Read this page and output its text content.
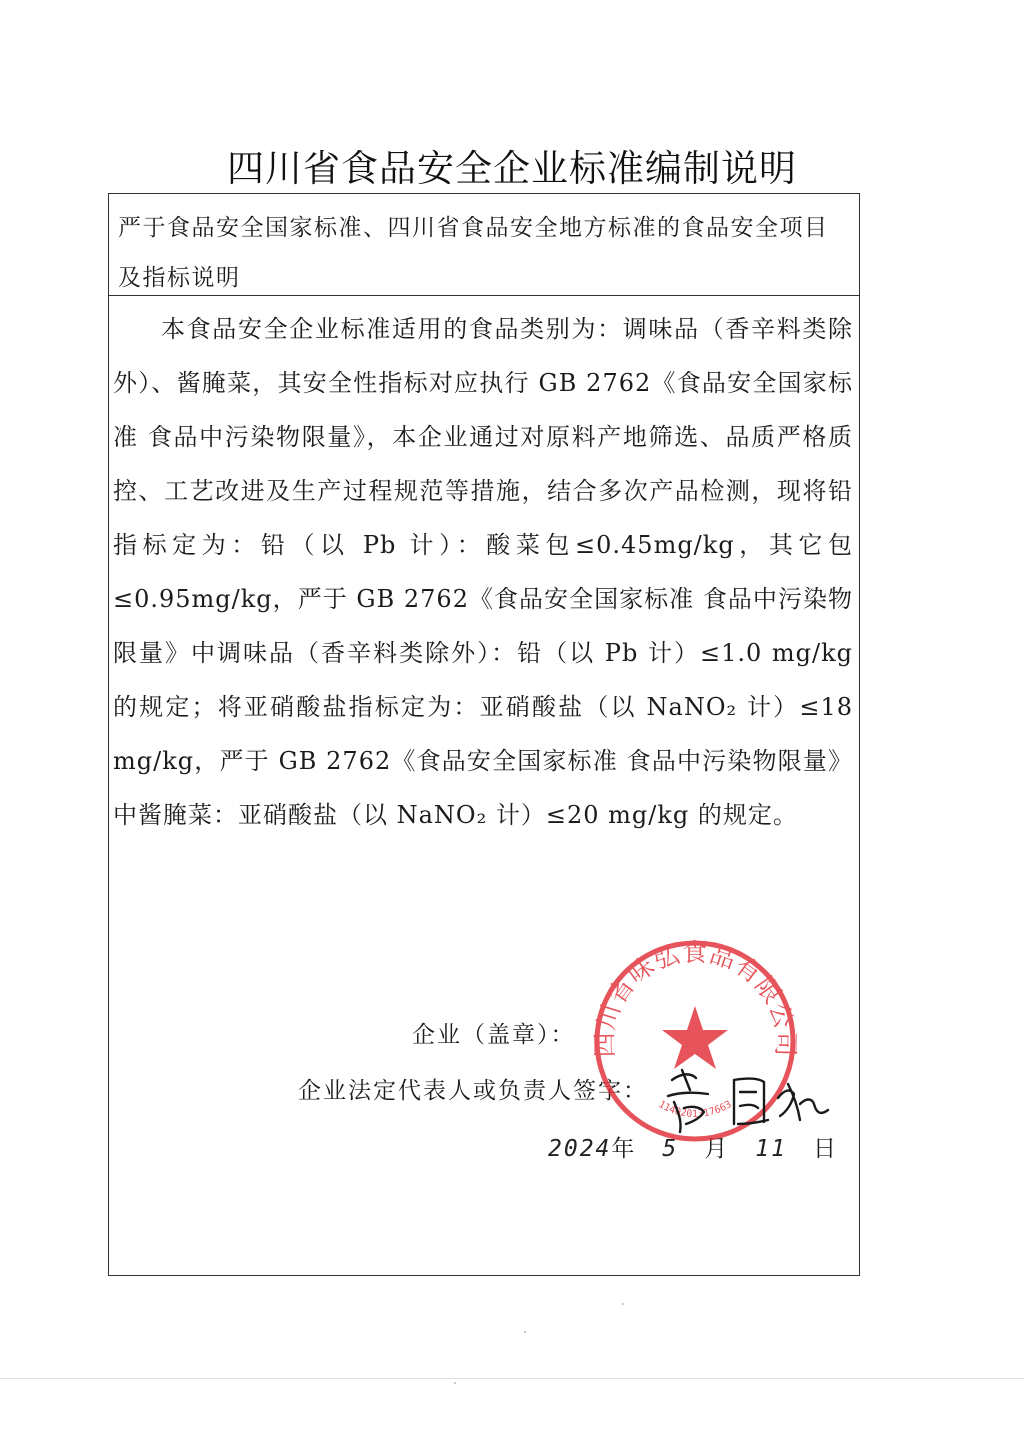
四川省食品安全企业标准编制说明
严于食品安全国家标准、四川省食品安全地方标准的食品安全项目及指标说明

本食品安全企业标准适用的食品类别为：调味品（香辛料类除外）、酱腌菜，其安全性指标对应执行 GB 2762《食品安全国家标准 食品中污染物限量》，本企业通过对原料产地筛选、品质严格质控、工艺改进及生产过程规范等措施，结合多次产品检测，现将铅指标定为：铅（以 Pb 计）：酸菜包≤0.45mg/kg，其它包≤0.95mg/kg，严于 GB 2762《食品安全国家标准 食品中污染物限量》中调味品（香辛料类除外）：铅（以 Pb 计）≤1.0 mg/kg 的规定；将亚硝酸盐指标定为：亚硝酸盐（以 NaNO₂ 计）≤18 mg/kg，严于 GB 2762《食品安全国家标准 食品中污染物限量》中酱腌菜：亚硝酸盐（以 NaNO₂ 计）≤20 mg/kg 的规定。

企业（盖章）：
企业法定代表人或负责人签字：
2024年 5 月 11 日
四川省味弘食品有限公司
1140201317663
